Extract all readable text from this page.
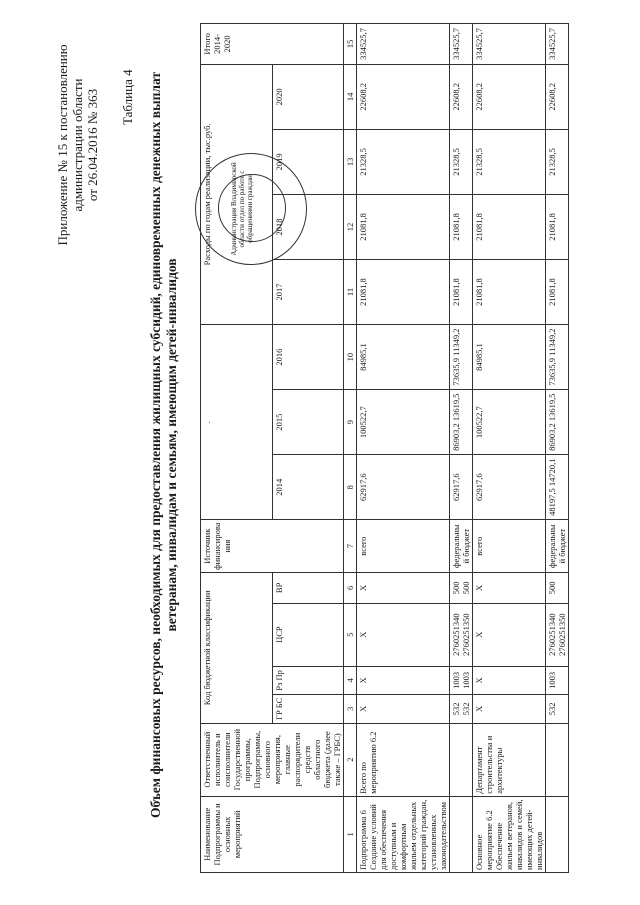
Приложение № 15 к постановлению администрации области от 26.04.2016 № 363 Таблица 4 Объем финансовых ресурсов, необходимых для предоставления жилищных субсидий, единовременных денежных выплат ветеранам, инвалидам и семьям, имеющим детей-инвалидов
Наименование Подпрограммы и основных мероприятий	Ответственный исполнитель и соисполнители Государственной программы, Подпрограммы, основного мероприятия, главные распорядители средств областного бюджета (далее также – ГРБС)	Код бюджетной классификации				Источник финансирования	.			Расходы по годам реализации, тыс.руб.				Итого 2014-2020
		ГР БС	Рз Пр	ЦСР	ВР		2014	2015	2016	2017	2018	2019	2020	
1	2	3	4	5	6	7	8	9	10	11	12	13	14	15
Подпрограмма 6 Создание условий для обеспечения доступным и комфортным жильем отдельных категорий граждан, установленных законодательством	Всего по мероприятию 6.2	Х	Х	Х	Х	всего	62917,6	100522,7	84985,1	21081,8	21081,8	21328,5	22608,2	334525,7
		532 532	1003 1003	2760251340 2760251350	500 500	федеральный бюджет	62917,6	86903,2 13619,5	73635,9 11349,2	21081,8	21081,8	21328,5	22608,2	334525,7
Основное мероприятие 6.2 Обеспечение жильем ветеранов, инвалидов и семей, имеющих детей-инвалидов	Департамент строительства и архитектуры	Х	Х	Х	Х	всего	62917,6	100522,7	84985,1	21081,8	21081,8	21328,5	22608,2	334525,7
		532	1003	2760251340 2760251350	500	федеральный бюджет	48197,5 14720,1	86903,2 13619,5	73635,9 11349,2	21081,8	21081,8	21328,5	22608,2	334525,7
Администрация Владимирской области отдел по работе с обращениями граждан
